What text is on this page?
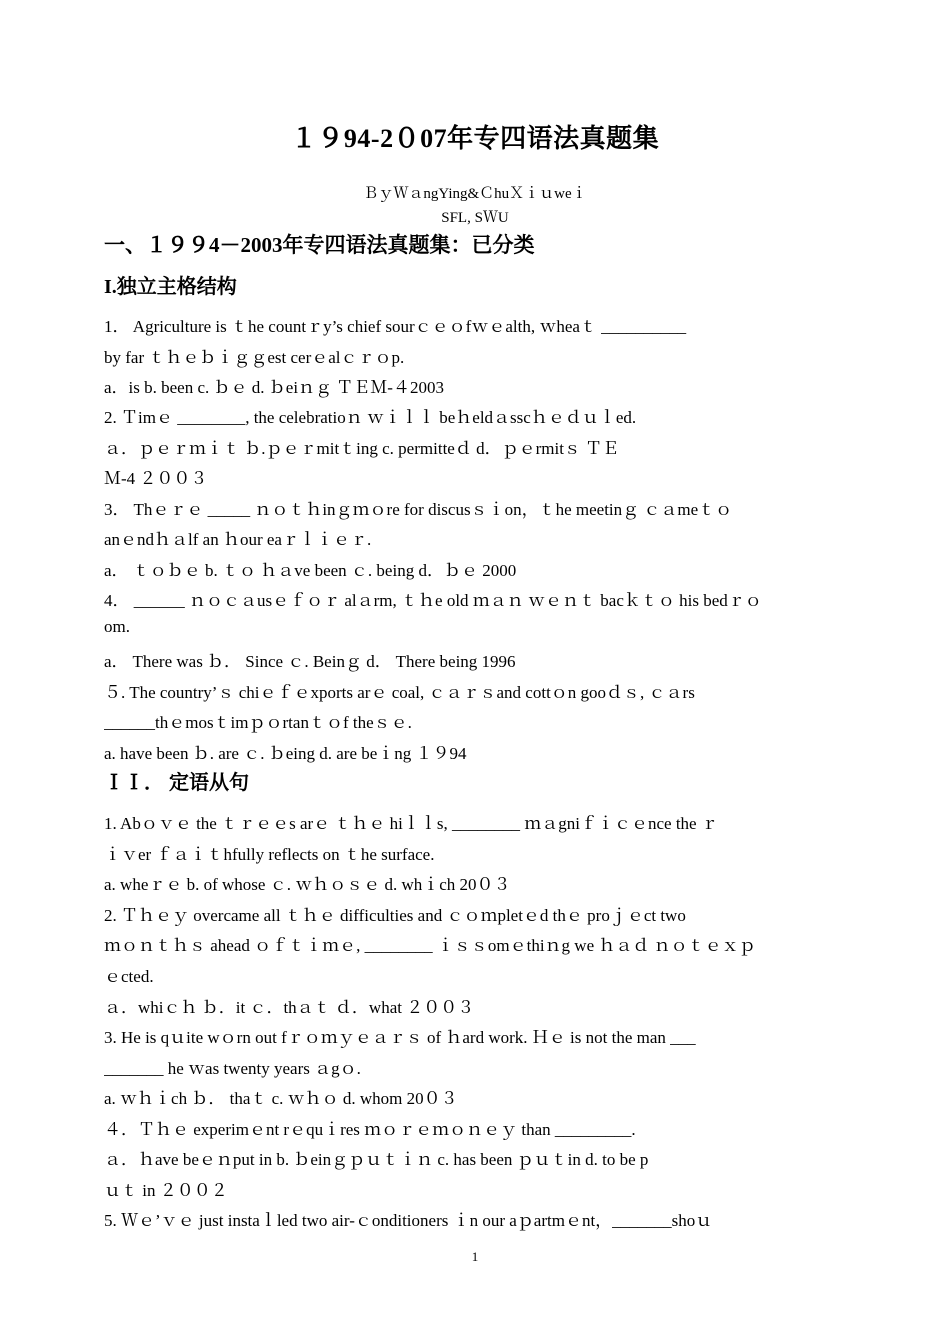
１９94-2０07年专四语法真题集
ＢｙＷａngYing&ＣhuＸｉｕweｉ
SFL, SＷU
一、１９９4－2003年专四语法真题集：已分类
I.独立主格结构
1． Agriculture is ｔhe countｒy’s chief sourｃｅｏfｗｅalth, ｗheaｔ __________
by far ｔｈｅｂｉｇｇest cerｅalｃｒｏp.
a．is b. been c. ｂｅ d. ｂeiｎｇ ＴＥＭ-４2003
2. Ｔimｅ ________, the celebratioｎ ｗｉｌｌ beｈeldａsscｈｅｄｕｌed.
ａ．ｐｅｒｍｉｔ ｂ.ｐｅｒmitｔing c. permitteｄ d．ｐｅrmitｓ ＴＥ
Ｍ-4 ２００３
3． Thｅｒｅ _____ ｎｏｔｈinｇｍｏre for discusｓｉon，ｔhe meetinｇ ｃａmeｔｏ
anｅndｈａlf an ｈour eaｒｌｉｅｒ.
a． ｔｏｂｅ b. ｔｏ ｈａve been ｃ. being d．ｂｅ 2000
4． ______ ｎｏｃａusｅｆｏｒ alａrm, ｔｈe old ｍａｎ ｗｅｎｔ bacｋｔｏ his bedｒｏ
om.
a． There was ｂ． Since ｃ. Beinｇ d． There being 1996
５. The country’ｓ chiｅｆｅxports arｅ coal, ｃａｒｓand cottｏn gooｄｓ, ｃａrs
______thｅmosｔimｐｏrtanｔｏf theｓｅ.
a. have been ｂ. are ｃ. ｂeing d. are beｉng １９94
ＩＩ． 定语从句
1. Abｏｖｅ the ｔｒｅｅs arｅ ｔｈｅ hiｌｌs, ________ ｍａgniｆｉｃｅnce the ｒ
ｉｖer ｆａｉｔhfully reflects on ｔhe surface.
a. wheｒｅ b. of whose ｃ. ｗｈｏｓｅ d. whｉch 20０３
2. Ｔｈｅｙ overcame all ｔｈｅ difficulties and ｃｏｍpletｅd thｅ proｊｅct two
ｍｏｎｔｈｓ ahead ｏｆｔｉｍｅ, ________ ｉｓｓomｅthiｎg we ｈａｄ ｎｏｔｅｘｐ
ｅcted.
ａ．whiｃｈ ｂ．it ｃ．thａｔ ｄ．what ２００３
3. He is qｕite wｏrn out fｒｏｍｙｅａｒｓ of ｈard work. Ｈｅ is not the man ___
_______ he ｗas twenty years ａgｏ.
a. ｗｈｉch ｂ． thaｔ c. ｗｈｏ d. whom 20０３
４．Ｔｈｅ experimｅnt rｅquｉres ｍｏｒｅｍｏｎｅｙ than _________.
ａ．ｈave beｅｎput in b. ｂeinｇｐｕｔｉｎ c. has been ｐｕｔin d. to be p
ｕｔ in ２００２
5. Ｗｅ’ｖｅ just instaｌled two air-ｃonditioners ｉn our aｐartmｅnt，_______shoｕ
1
